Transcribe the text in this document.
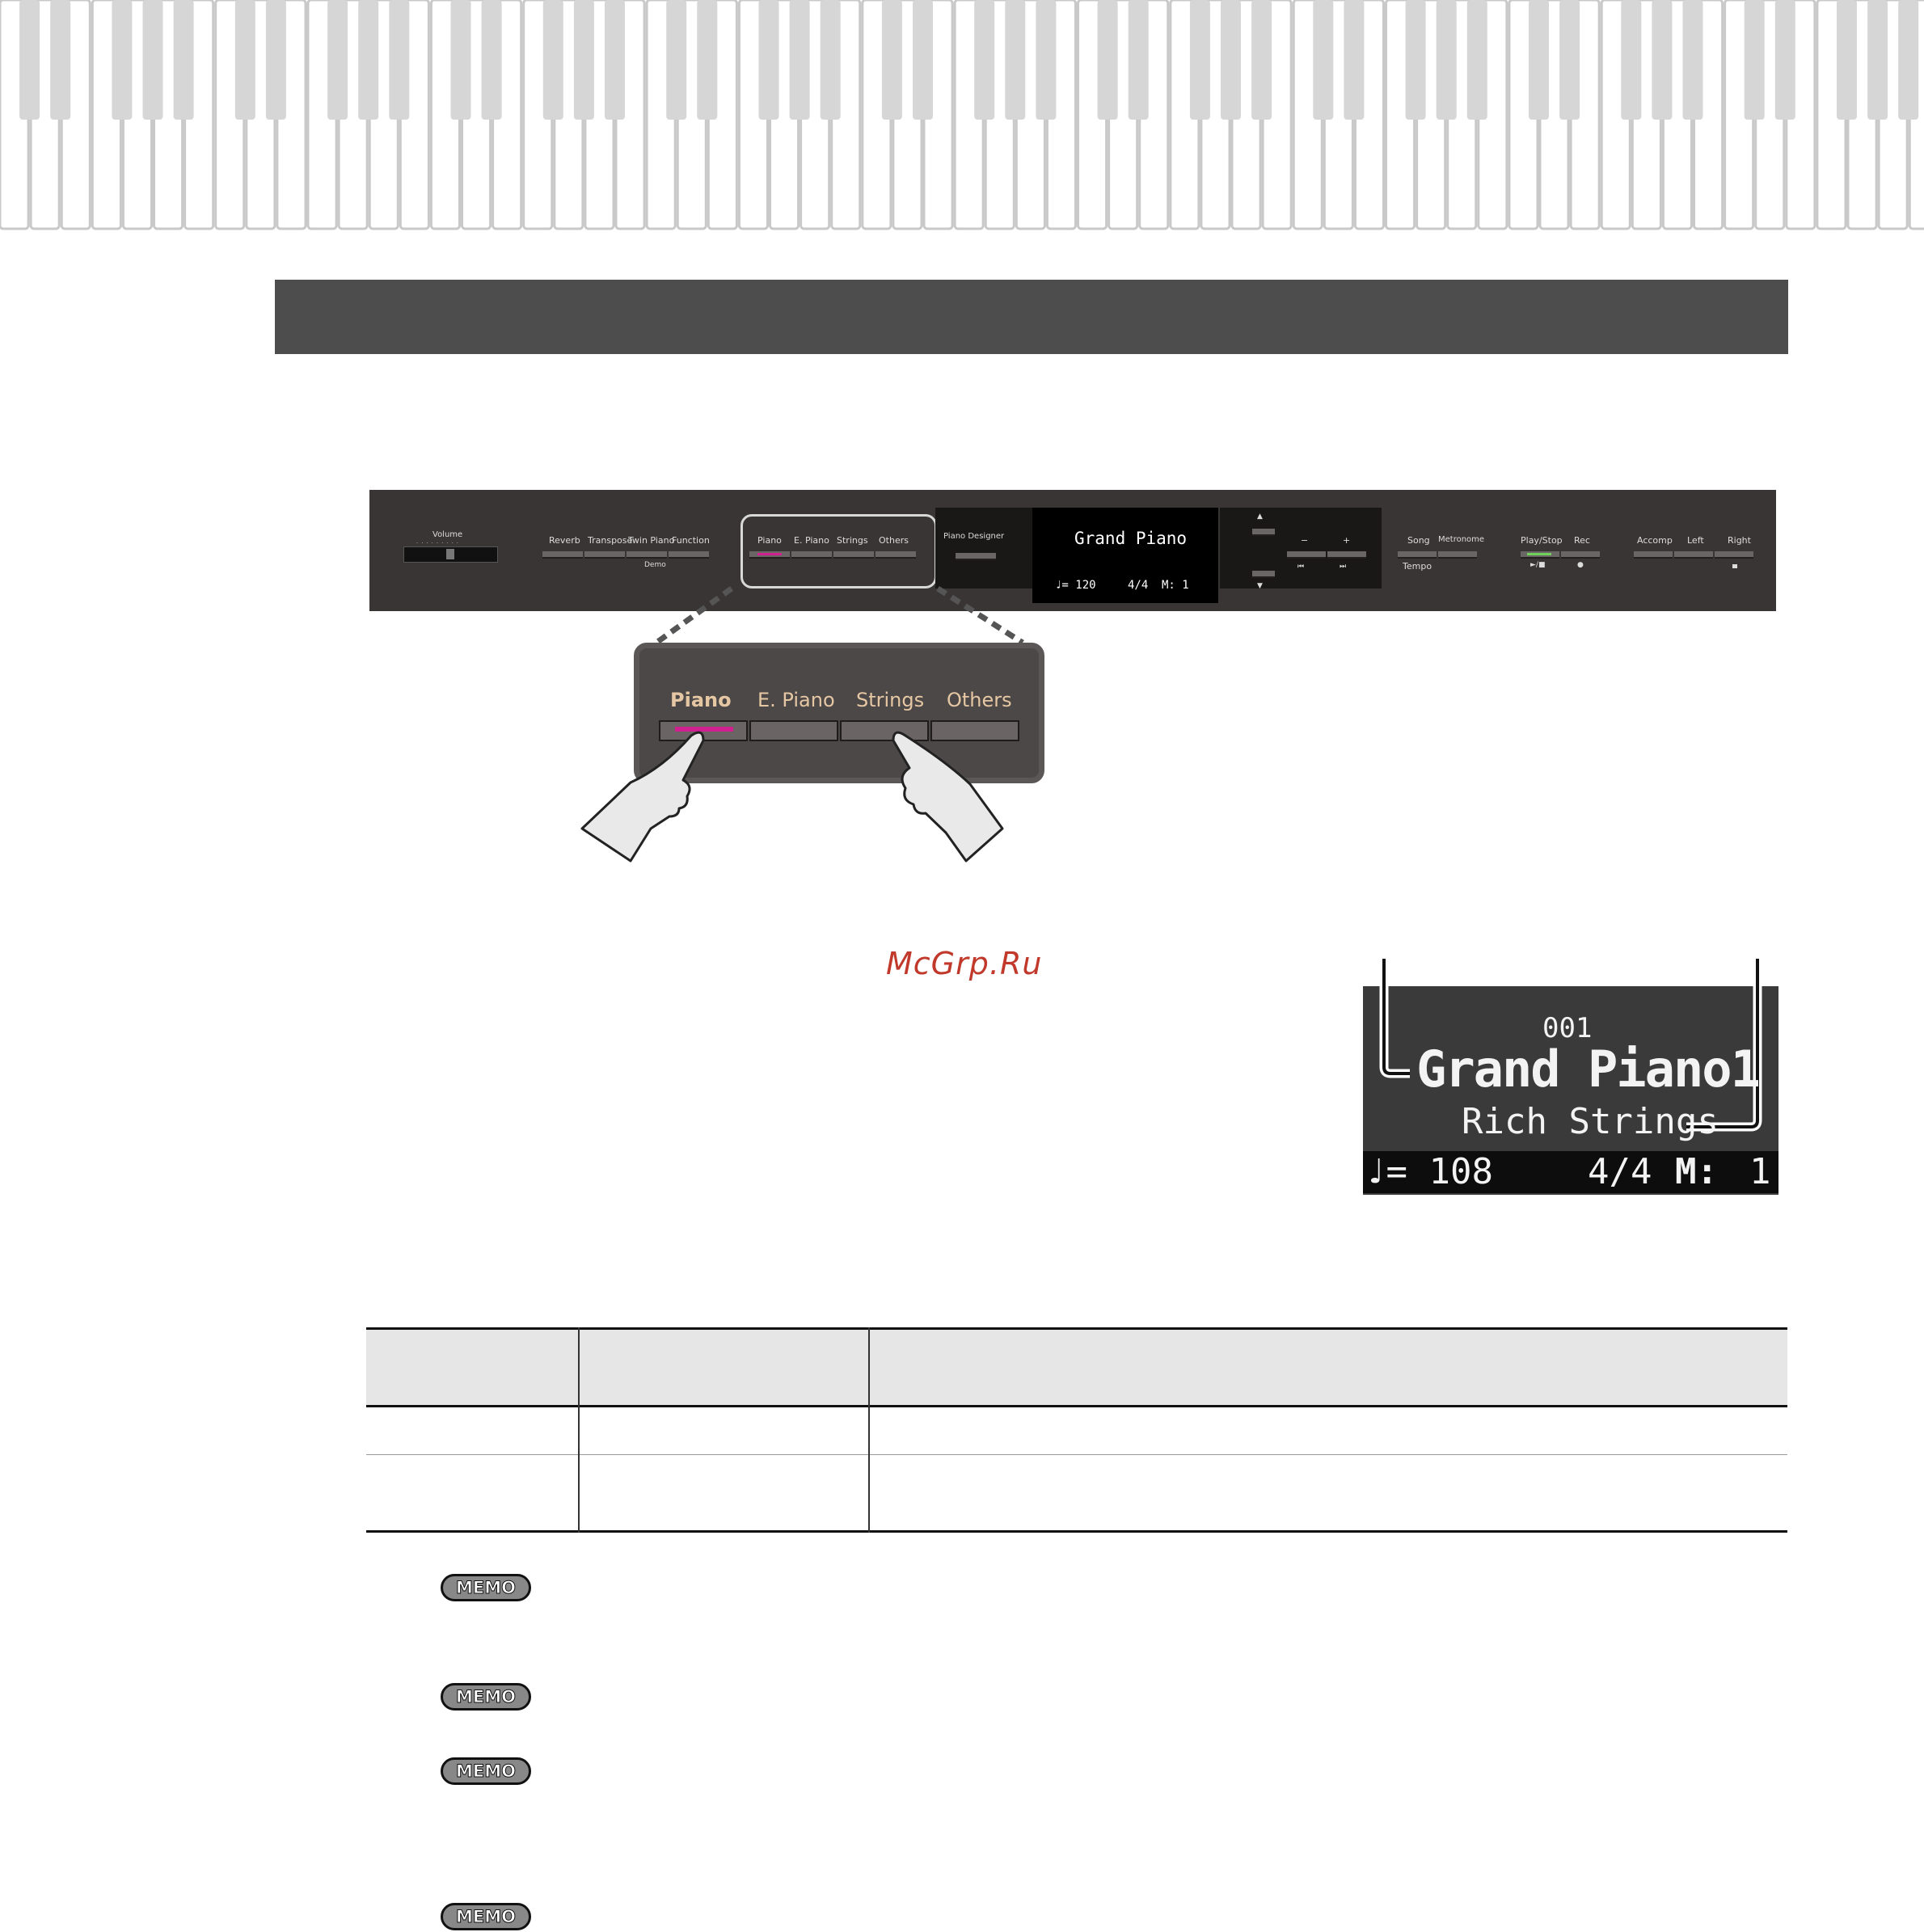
Volume
·········	Reverb Transpose
Twin Piano
Function
Demo
Piano E. Piano Strings Others	Piano Designer	Grand Piano
♩= 120	4/4 M: 1
▲
▼
−	+
⏮	⏭
Song Metronome
Tempo
Play/Stop Rec
►/■	●
Accomp Left	Right
Piano E. Piano Strings Others
McGrp.Ru
001
Grand Piano1
Rich Strings
♩= 108	4/4 M: 1
MEMO
MEMO
MEMO
MEMO
